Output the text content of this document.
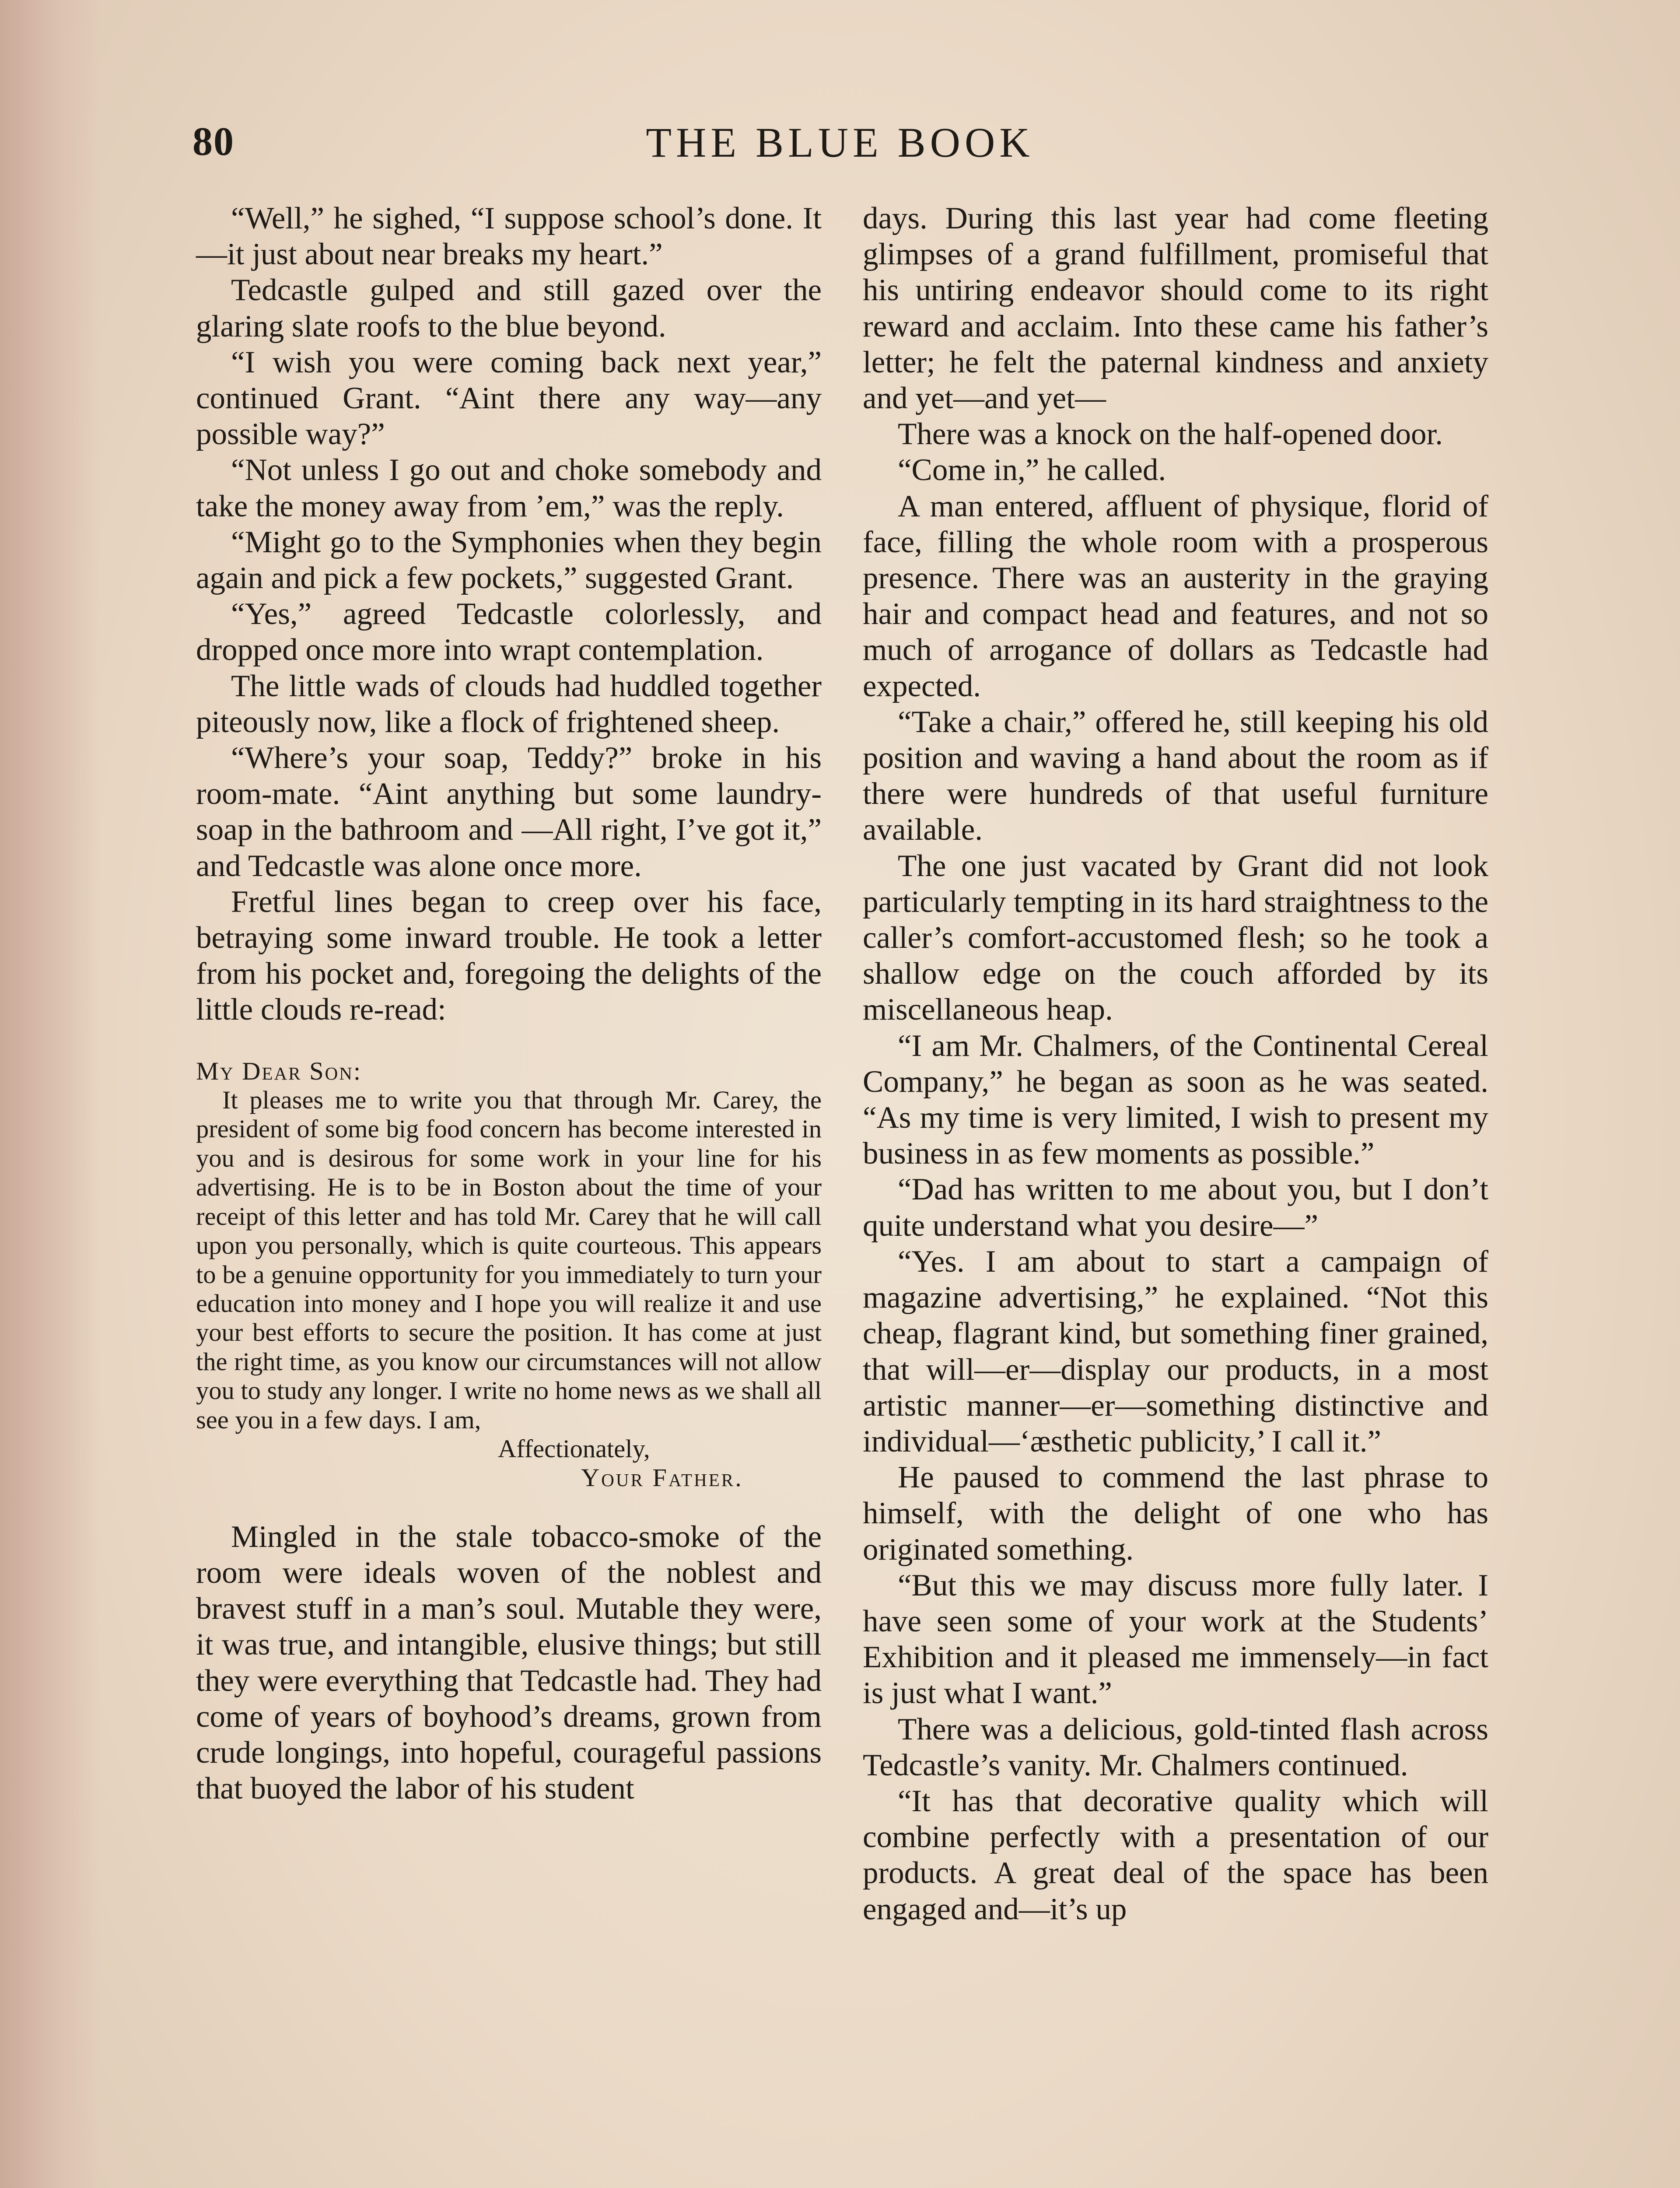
80	THE BLUE BOOK

“Well,” he sighed, “I suppose school’s done. It—it just about near breaks my heart.”

Tedcastle gulped and still gazed over the glaring slate roofs to the blue beyond.

“I wish you were coming back next year,” continued Grant. “Aint there any way—any possible way?”

“Not unless I go out and choke somebody and take the money away from ’em,” was the reply.

“Might go to the Symphonies when they begin again and pick a few pockets,” suggested Grant.

“Yes,” agreed Tedcastle colorlessly, and dropped once more into wrapt contemplation.

The little wads of clouds had huddled together piteously now, like a flock of frightened sheep.

“Where’s your soap, Teddy?” broke in his room-mate. “Aint anything but some laundry-soap in the bathroom and —All right, I’ve got it,” and Tedcastle was alone once more.

Fretful lines began to creep over his face, betraying some inward trouble. He took a letter from his pocket and, foregoing the delights of the little clouds re-read:

My Dear Son:

It pleases me to write you that through Mr. Carey, the president of some big food concern has become interested in you and is desirous for some work in your line for his advertising. He is to be in Boston about the time of your receipt of this letter and has told Mr. Carey that he will call upon you personally, which is quite courteous. This appears to be a genuine opportunity for you immediately to turn your education into money and I hope you will realize it and use your best efforts to secure the position. It has come at just the right time, as you know our circumstances will not allow you to study any longer. I write no home news as we shall all see you in a few days. I am,

Affectionately,

Your Father.

Mingled in the stale tobacco-smoke of the room were ideals woven of the noblest and bravest stuff in a man’s soul. Mutable they were, it was true, and intangible, elusive things; but still they were everything that Tedcastle had. They had come of years of boyhood’s dreams, grown from crude longings, into hopeful, courageful passions that buoyed the labor of his student

days. During this last year had come fleeting glimpses of a grand fulfillment, promiseful that his untiring endeavor should come to its right reward and acclaim. Into these came his father’s letter; he felt the paternal kindness and anxiety and yet—and yet—

There was a knock on the half-opened door.

“Come in,” he called.

A man entered, affluent of physique, florid of face, filling the whole room with a prosperous presence. There was an austerity in the graying hair and compact head and features, and not so much of arrogance of dollars as Tedcastle had expected.

“Take a chair,” offered he, still keeping his old position and waving a hand about the room as if there were hundreds of that useful furniture available.

The one just vacated by Grant did not look particularly tempting in its hard straightness to the caller’s comfort-accustomed flesh; so he took a shallow edge on the couch afforded by its miscellaneous heap.

“I am Mr. Chalmers, of the Continental Cereal Company,” he began as soon as he was seated. “As my time is very limited, I wish to present my business in as few moments as possible.”

“Dad has written to me about you, but I don’t quite understand what you desire—”

“Yes. I am about to start a campaign of magazine advertising,” he explained. “Not this cheap, flagrant kind, but something finer grained, that will—er—display our products, in a most artistic manner—er—something distinctive and individual—‘æsthetic publicity,’ I call it.”

He paused to commend the last phrase to himself, with the delight of one who has originated something.

“But this we may discuss more fully later. I have seen some of your work at the Students’ Exhibition and it pleased me immensely—in fact is just what I want.”

There was a delicious, gold-tinted flash across Tedcastle’s vanity. Mr. Chalmers continued.

“It has that decorative quality which will combine perfectly with a presentation of our products. A great deal of the space has been engaged and—it’s up
